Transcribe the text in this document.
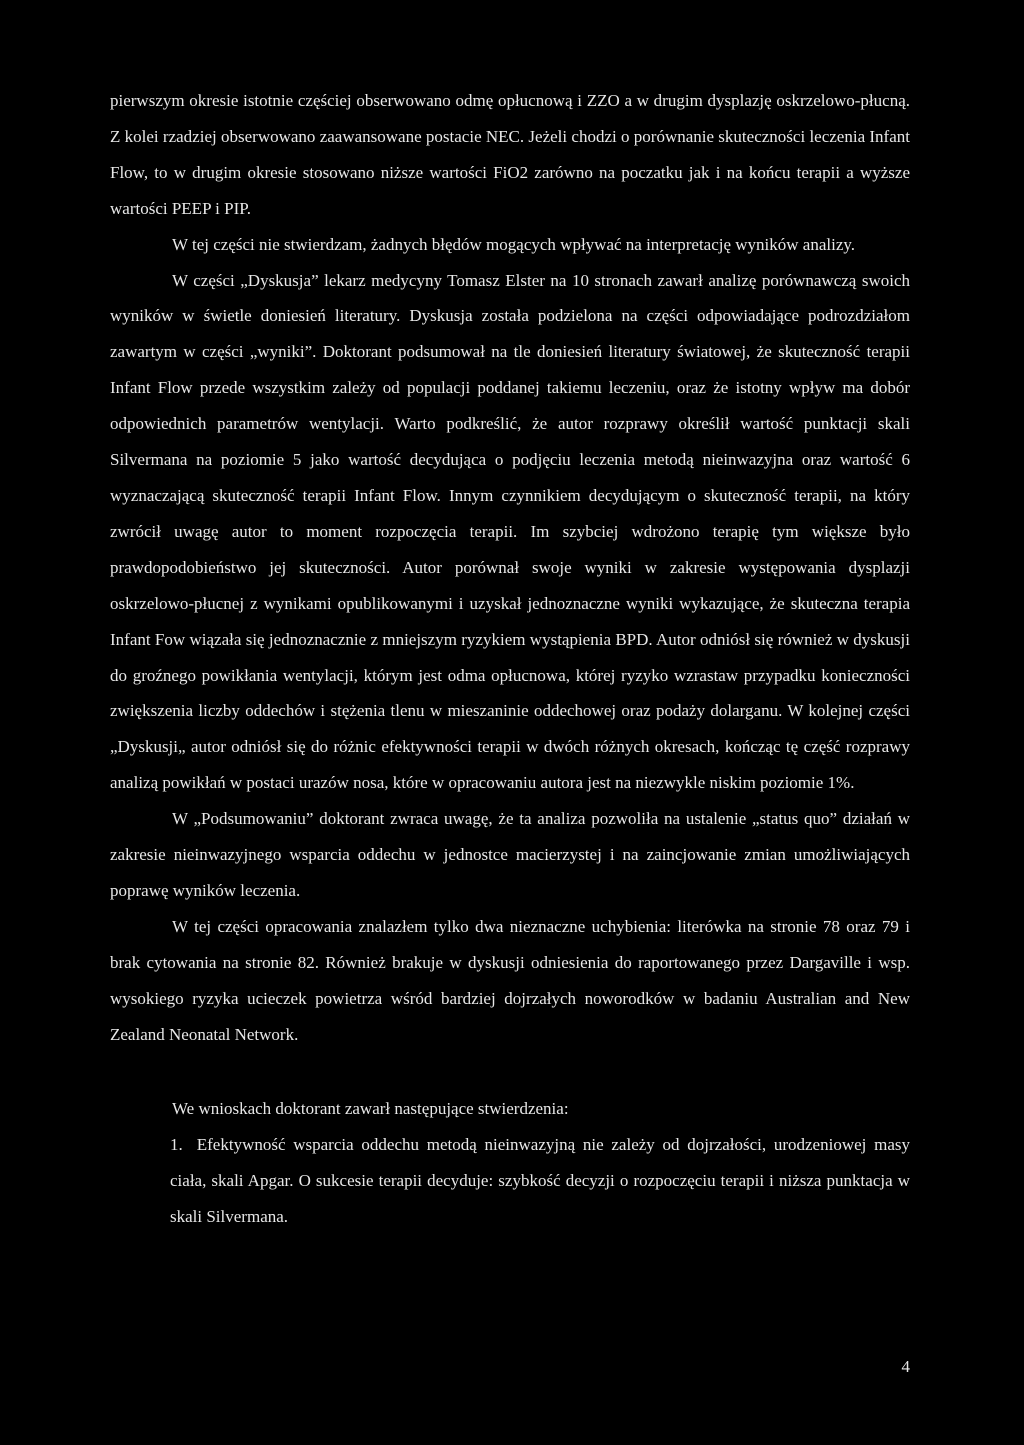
pierwszym okresie istotnie częściej obserwowano odmę opłucnową i ZZO a w drugim dysplazję oskrzelowo-płucną. Z kolei rzadziej obserwowano zaawansowane postacie NEC. Jeżeli chodzi o porównanie skuteczności leczenia Infant Flow, to w drugim okresie stosowano niższe wartości FiO2 zarówno na poczatku jak i na końcu terapii a wyższe wartości PEEP i PIP.

W tej części nie stwierdzam, żadnych błędów mogących wpływać na interpretację wyników analizy.

W części „Dyskusja” lekarz medycyny Tomasz Elster na 10 stronach zawarł analizę porównawczą swoich wyników w świetle doniesień literatury. Dyskusja została podzielona na części odpowiadające podrozdziałom zawartym w części „wyniki”. Doktorant podsumował na tle doniesień literatury światowej, że skuteczność terapii Infant Flow przede wszystkim zależy od populacji poddanej takiemu leczeniu, oraz że istotny wpływ ma dobór odpowiednich parametrów wentylacji. Warto podkreślić, że autor rozprawy określił wartość punktacji skali Silvermana na poziomie 5 jako wartość decydująca o podjęciu leczenia metodą nieinwazyjna oraz wartość 6 wyznaczającą skuteczność terapii Infant Flow. Innym czynnikiem decydującym o skuteczność terapii, na który zwrócił uwagę autor to moment rozpoczęcia terapii. Im szybciej wdrożono terapię tym większe było prawdopodobieństwo jej skuteczności. Autor porównał swoje wyniki w zakresie występowania dysplazji oskrzelowo-płucnej z wynikami opublikowanymi i uzyskał jednoznaczne wyniki wykazujące, że skuteczna terapia Infant Fow wiązała się jednoznacznie z mniejszym ryzykiem wystąpienia BPD. Autor odniósł się również w dyskusji do groźnego powikłania wentylacji, którym jest odma opłucnowa, której ryzyko wzrastaw przypadku konieczności zwiększenia liczby oddechów i stężenia tlenu w mieszaninie oddechowej oraz podaży dolarganu. W kolejnej części „Dyskusji„ autor odniósł się do różnic efektywności terapii w dwóch różnych okresach, kończąc tę część rozprawy analizą powikłań w postaci urazów nosa, które w opracowaniu autora jest na niezwykle niskim poziomie 1%.

W „Podsumowaniu” doktorant zwraca uwagę, że ta analiza pozwoliła na ustalenie „status quo” działań w zakresie nieinwazyjnego wsparcia oddechu w jednostce macierzystej i na zaincjowanie zmian umożliwiających poprawę wyników leczenia.

W tej części opracowania znalazłem tylko dwa nieznaczne uchybienia: literówka na stronie 78 oraz 79 i brak cytowania na stronie 82. Również brakuje w dyskusji odniesienia do raportowanego przez Dargaville i wsp. wysokiego ryzyka ucieczek powietrza wśród bardziej dojrzałych noworodków w badaniu Australian and New Zealand Neonatal Network.

We wnioskach doktorant zawarł następujące stwierdzenia:

1. Efektywność wsparcia oddechu metodą nieinwazyjną nie zależy od dojrzałości, urodzeniowej masy ciała, skali Apgar. O sukcesie terapii decyduje: szybkość decyzji o rozpoczęciu terapii i niższa punktacja w skali Silvermana.

4
